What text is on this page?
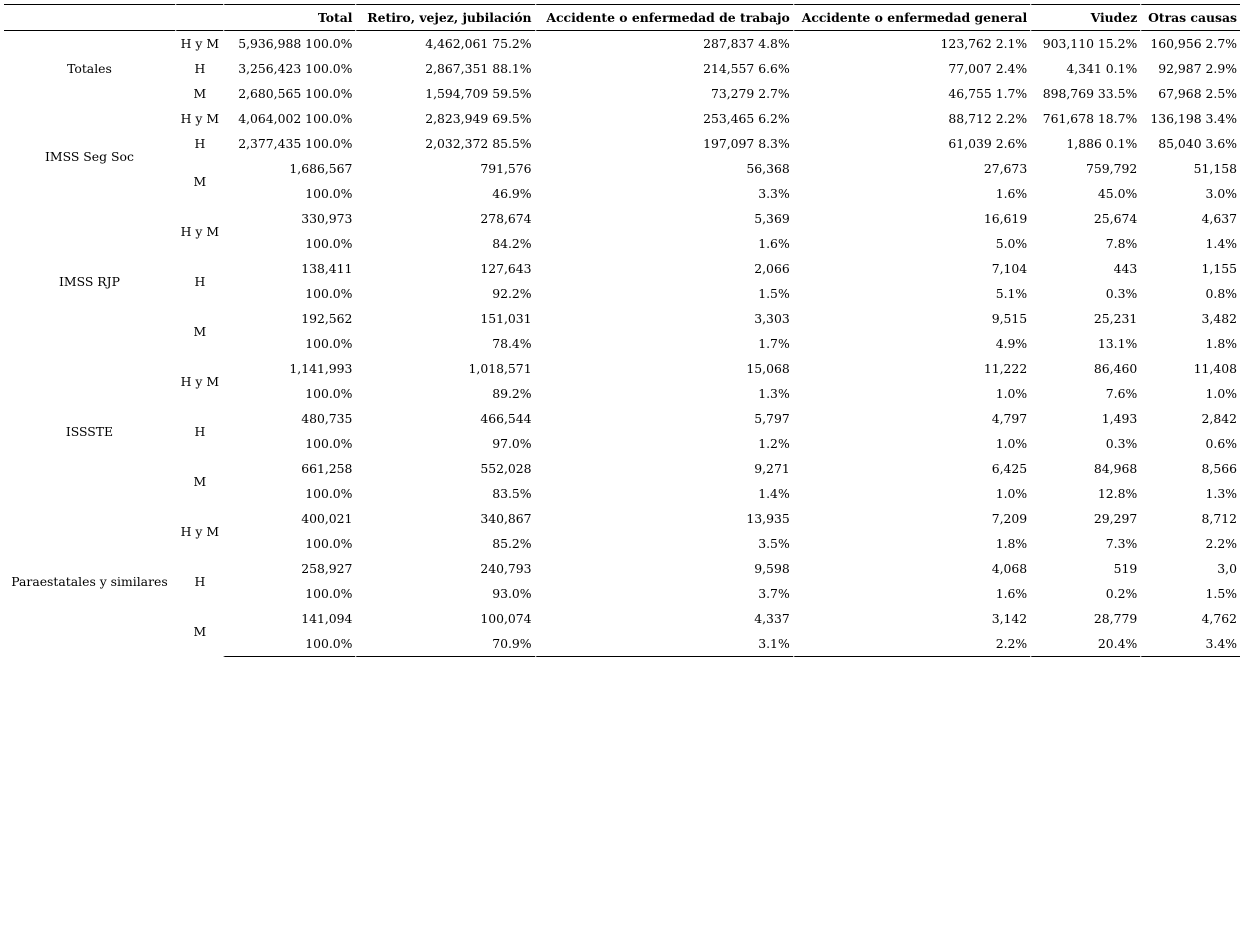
		Total	Retiro, vejez, jubilación	Accidente o enfermedad de trabajo	Accidente o enfermedad general	Viudez	Otras causas
Totales	H y M	5,936,988 100.0%	4,462,061 75.2%	287,837 4.8%	123,762 2.1%	903,110 15.2%	160,956 2.7%
	H	3,256,423 100.0%	2,867,351 88.1%	214,557 6.6%	77,007 2.4%	4,341 0.1%	92,987 2.9%
	M	2,680,565 100.0%	1,594,709 59.5%	73,279 2.7%	46,755 1.7%	898,769 33.5%	67,968 2.5%
IMSS Seg Soc	H y M	4,064,002 100.0%	2,823,949 69.5%	253,465 6.2%	88,712 2.2%	761,678 18.7%	136,198 3.4%
	H	2,377,435 100.0%	2,032,372 85.5%	197,097 8.3%	61,039 2.6%	1,886 0.1%	85,040 3.6%
	M	1,686,567	791,576	56,368	27,673	759,792	51,158
		100.0%	46.9%	3.3%	1.6%	45.0%	3.0%
IMSS RJP	H y M	330,973	278,674	5,369	16,619	25,674	4,637
		100.0%	84.2%	1.6%	5.0%	7.8%	1.4%
	H	138,411	127,643	2,066	7,104	443	1,155
		100.0%	92.2%	1.5%	5.1%	0.3%	0.8%
	M	192,562	151,031	3,303	9,515	25,231	3,482
		100.0%	78.4%	1.7%	4.9%	13.1%	1.8%
ISSSTE	H y M	1,141,993	1,018,571	15,068	11,222	86,460	11,408
		100.0%	89.2%	1.3%	1.0%	7.6%	1.0%
	H	480,735	466,544	5,797	4,797	1,493	2,842
		100.0%	97.0%	1.2%	1.0%	0.3%	0.6%
	M	661,258	552,028	9,271	6,425	84,968	8,566
		100.0%	83.5%	1.4%	1.0%	12.8%	1.3%
Paraestatales y similares	H y M	400,021	340,867	13,935	7,209	29,297	8,712
		100.0%	85.2%	3.5%	1.8%	7.3%	2.2%
	H	258,927	240,793	9,598	4,068	519	3,0
		100.0%	93.0%	3.7%	1.6%	0.2%	1.5%
	M	141,094	100,074	4,337	3,142	28,779	4,762
		100.0%	70.9%	3.1%	2.2%	20.4%	3.4%
